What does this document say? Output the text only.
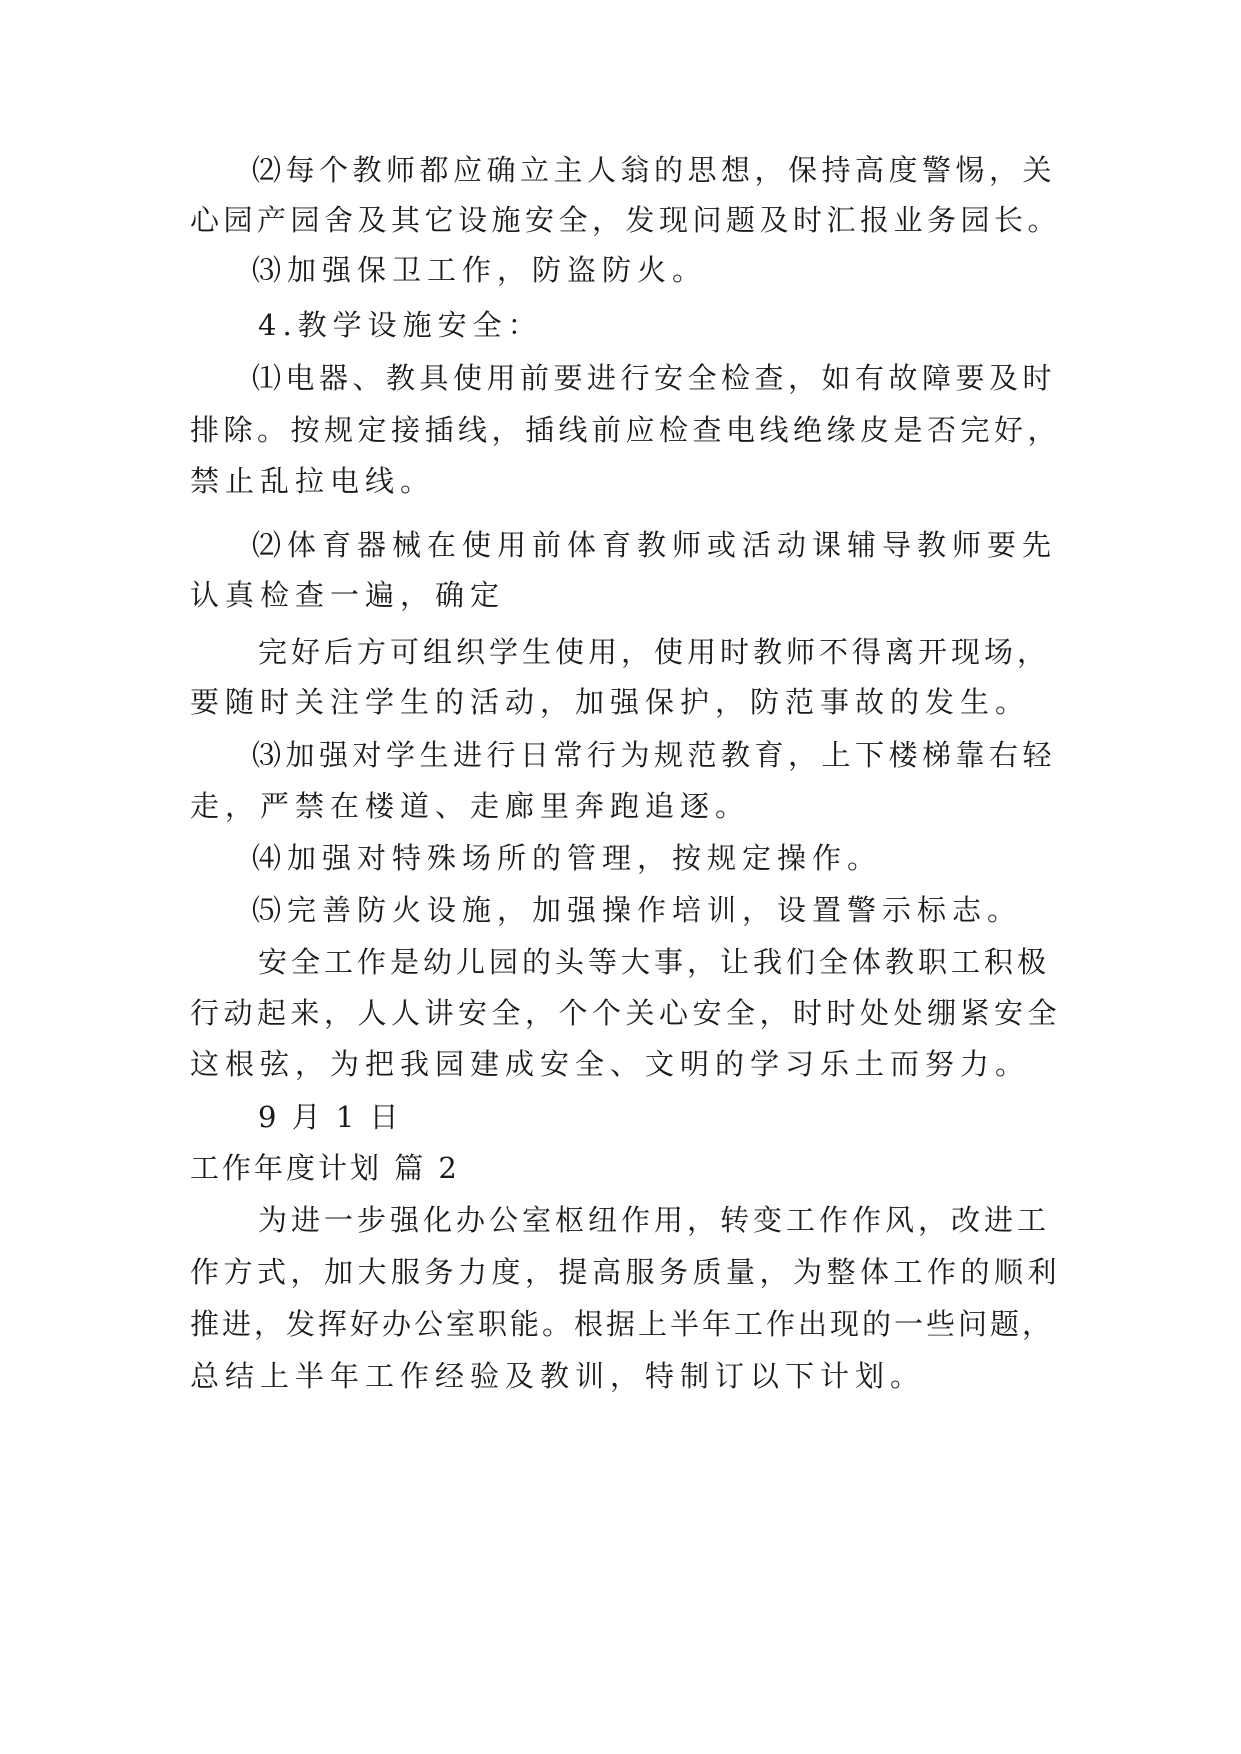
⑵每个教师都应确立主人翁的思想，保持高度警惕，关
心园产园舍及其它设施安全，发现问题及时汇报业务园长。
⑶加强保卫工作，防盗防火。
4.教学设施安全：
⑴电器、教具使用前要进行安全检查，如有故障要及时
排除。按规定接插线，插线前应检查电线绝缘皮是否完好，
禁止乱拉电线。
⑵体育器械在使用前体育教师或活动课辅导教师要先
认真检查一遍，确定
完好后方可组织学生使用，使用时教师不得离开现场，
要随时关注学生的活动，加强保护，防范事故的发生。
⑶加强对学生进行日常行为规范教育，上下楼梯靠右轻
走，严禁在楼道、走廊里奔跑追逐。
⑷加强对特殊场所的管理，按规定操作。
⑸完善防火设施，加强操作培训，设置警示标志。
安全工作是幼儿园的头等大事，让我们全体教职工积极
行动起来，人人讲安全，个个关心安全，时时处处绷紧安全
这根弦，为把我园建成安全、文明的学习乐土而努力。
9 月 1 日
工作年度计划 篇 2
为进一步强化办公室枢纽作用，转变工作作风，改进工
作方式，加大服务力度，提高服务质量，为整体工作的顺利
推进，发挥好办公室职能。根据上半年工作出现的一些问题，
总结上半年工作经验及教训，特制订以下计划。
